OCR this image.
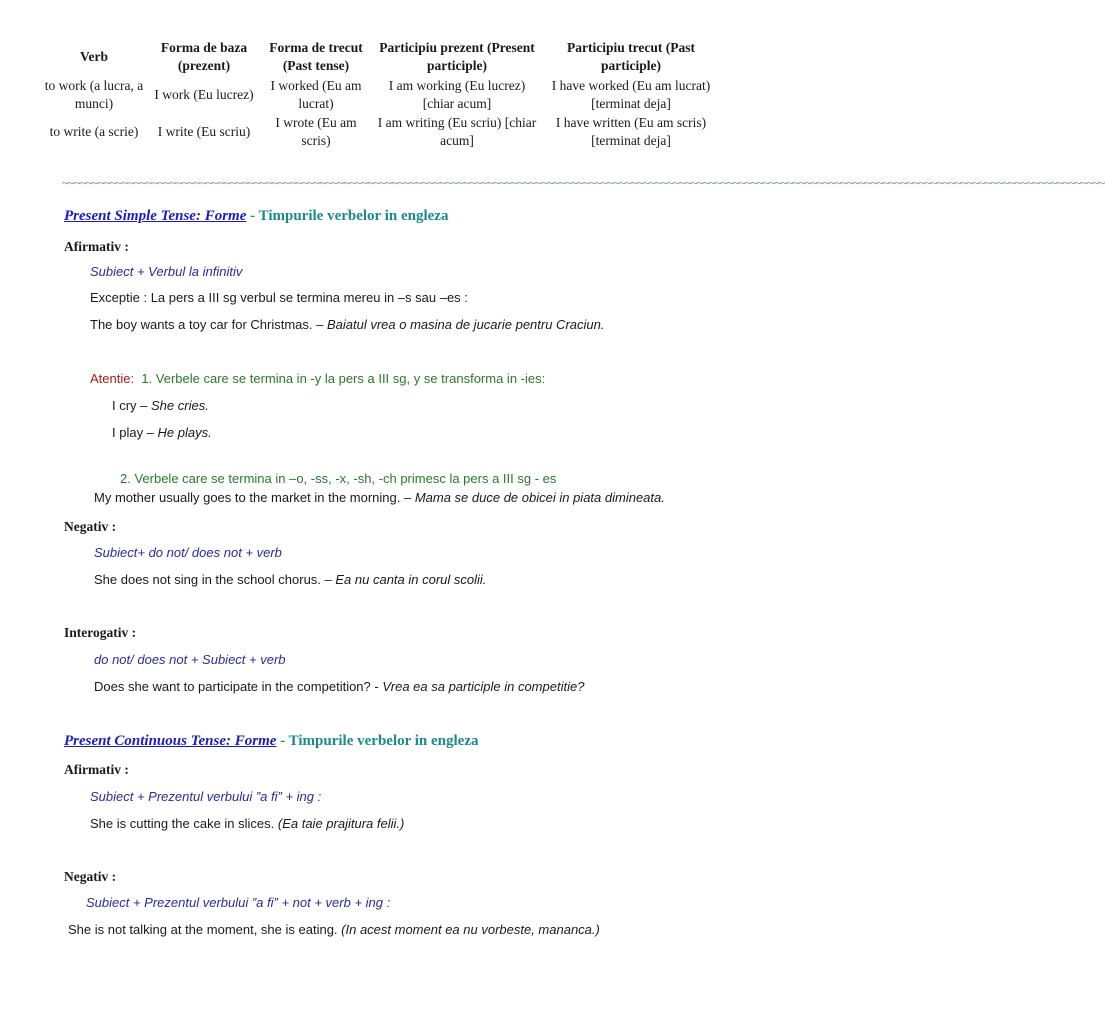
Verb	Forma de baza (prezent)	Forma de trecut (Past tense)	Participiu prezent (Present participle)	Participiu trecut (Past participle)
to work (a lucra, a munci)	I work (Eu lucrez)	I worked (Eu am lucrat)	I am working (Eu lucrez) [chiar acum]	I have worked (Eu am lucrat) [terminat deja]
to write (a scrie)	I write (Eu scriu)	I wrote (Eu am scris)	I am writing (Eu scriu) [chiar acum]	I have written (Eu am scris) [terminat deja]
~~~~~~~~~~~~~~~~~~~~~~~~~~~~~~~~~~~~~~~~~~~~~~~~~~~~~~~~~~~~~~~~~~~~~~~~~~~~~~~~~~~~~~~~~~~~~~~~~~~~~~~~~~~~~~~~~~~~~~~~~~~~~~~~~~~~~~~~~~~~~~~~~~~~~~~~~~~~~~~~~~~~~~~~~~~~~~
Present Simple Tense: Forme - Timpurile verbelor in engleza
Afirmativ :
Subiect + Verbul la infinitiv
Exceptie : La pers a III sg verbul se termina mereu in –s sau –es :
The boy wants a toy car for Christmas. – Baiatul vrea o masina de jucarie pentru Craciun.
Atentie: 1. Verbele care se termina in -y la pers a III sg, y se transforma in -ies:
I cry – She cries.
I play – He plays.
2. Verbele care se termina in –o, -ss, -x, -sh, -ch primesc la pers a III sg - es
My mother usually goes to the market in the morning. – Mama se duce de obicei in piata dimineata.
Negativ :
Subiect+ do not/ does not + verb
She does not sing in the school chorus. – Ea nu canta in corul scolii.
Interogativ :
do not/ does not + Subiect + verb
Does she want to participate in the competition? - Vrea ea sa participle in competitie?
Present Continuous Tense: Forme - Timpurile verbelor in engleza
Afirmativ :
Subiect + Prezentul verbului ”a fi” + ing :
She is cutting the cake in slices. (Ea taie prajitura felii.)
Negativ :
Subiect + Prezentul verbului ”a fi” + not + verb + ing :
She is not talking at the moment, she is eating. (In acest moment ea nu vorbeste, mananca.)
